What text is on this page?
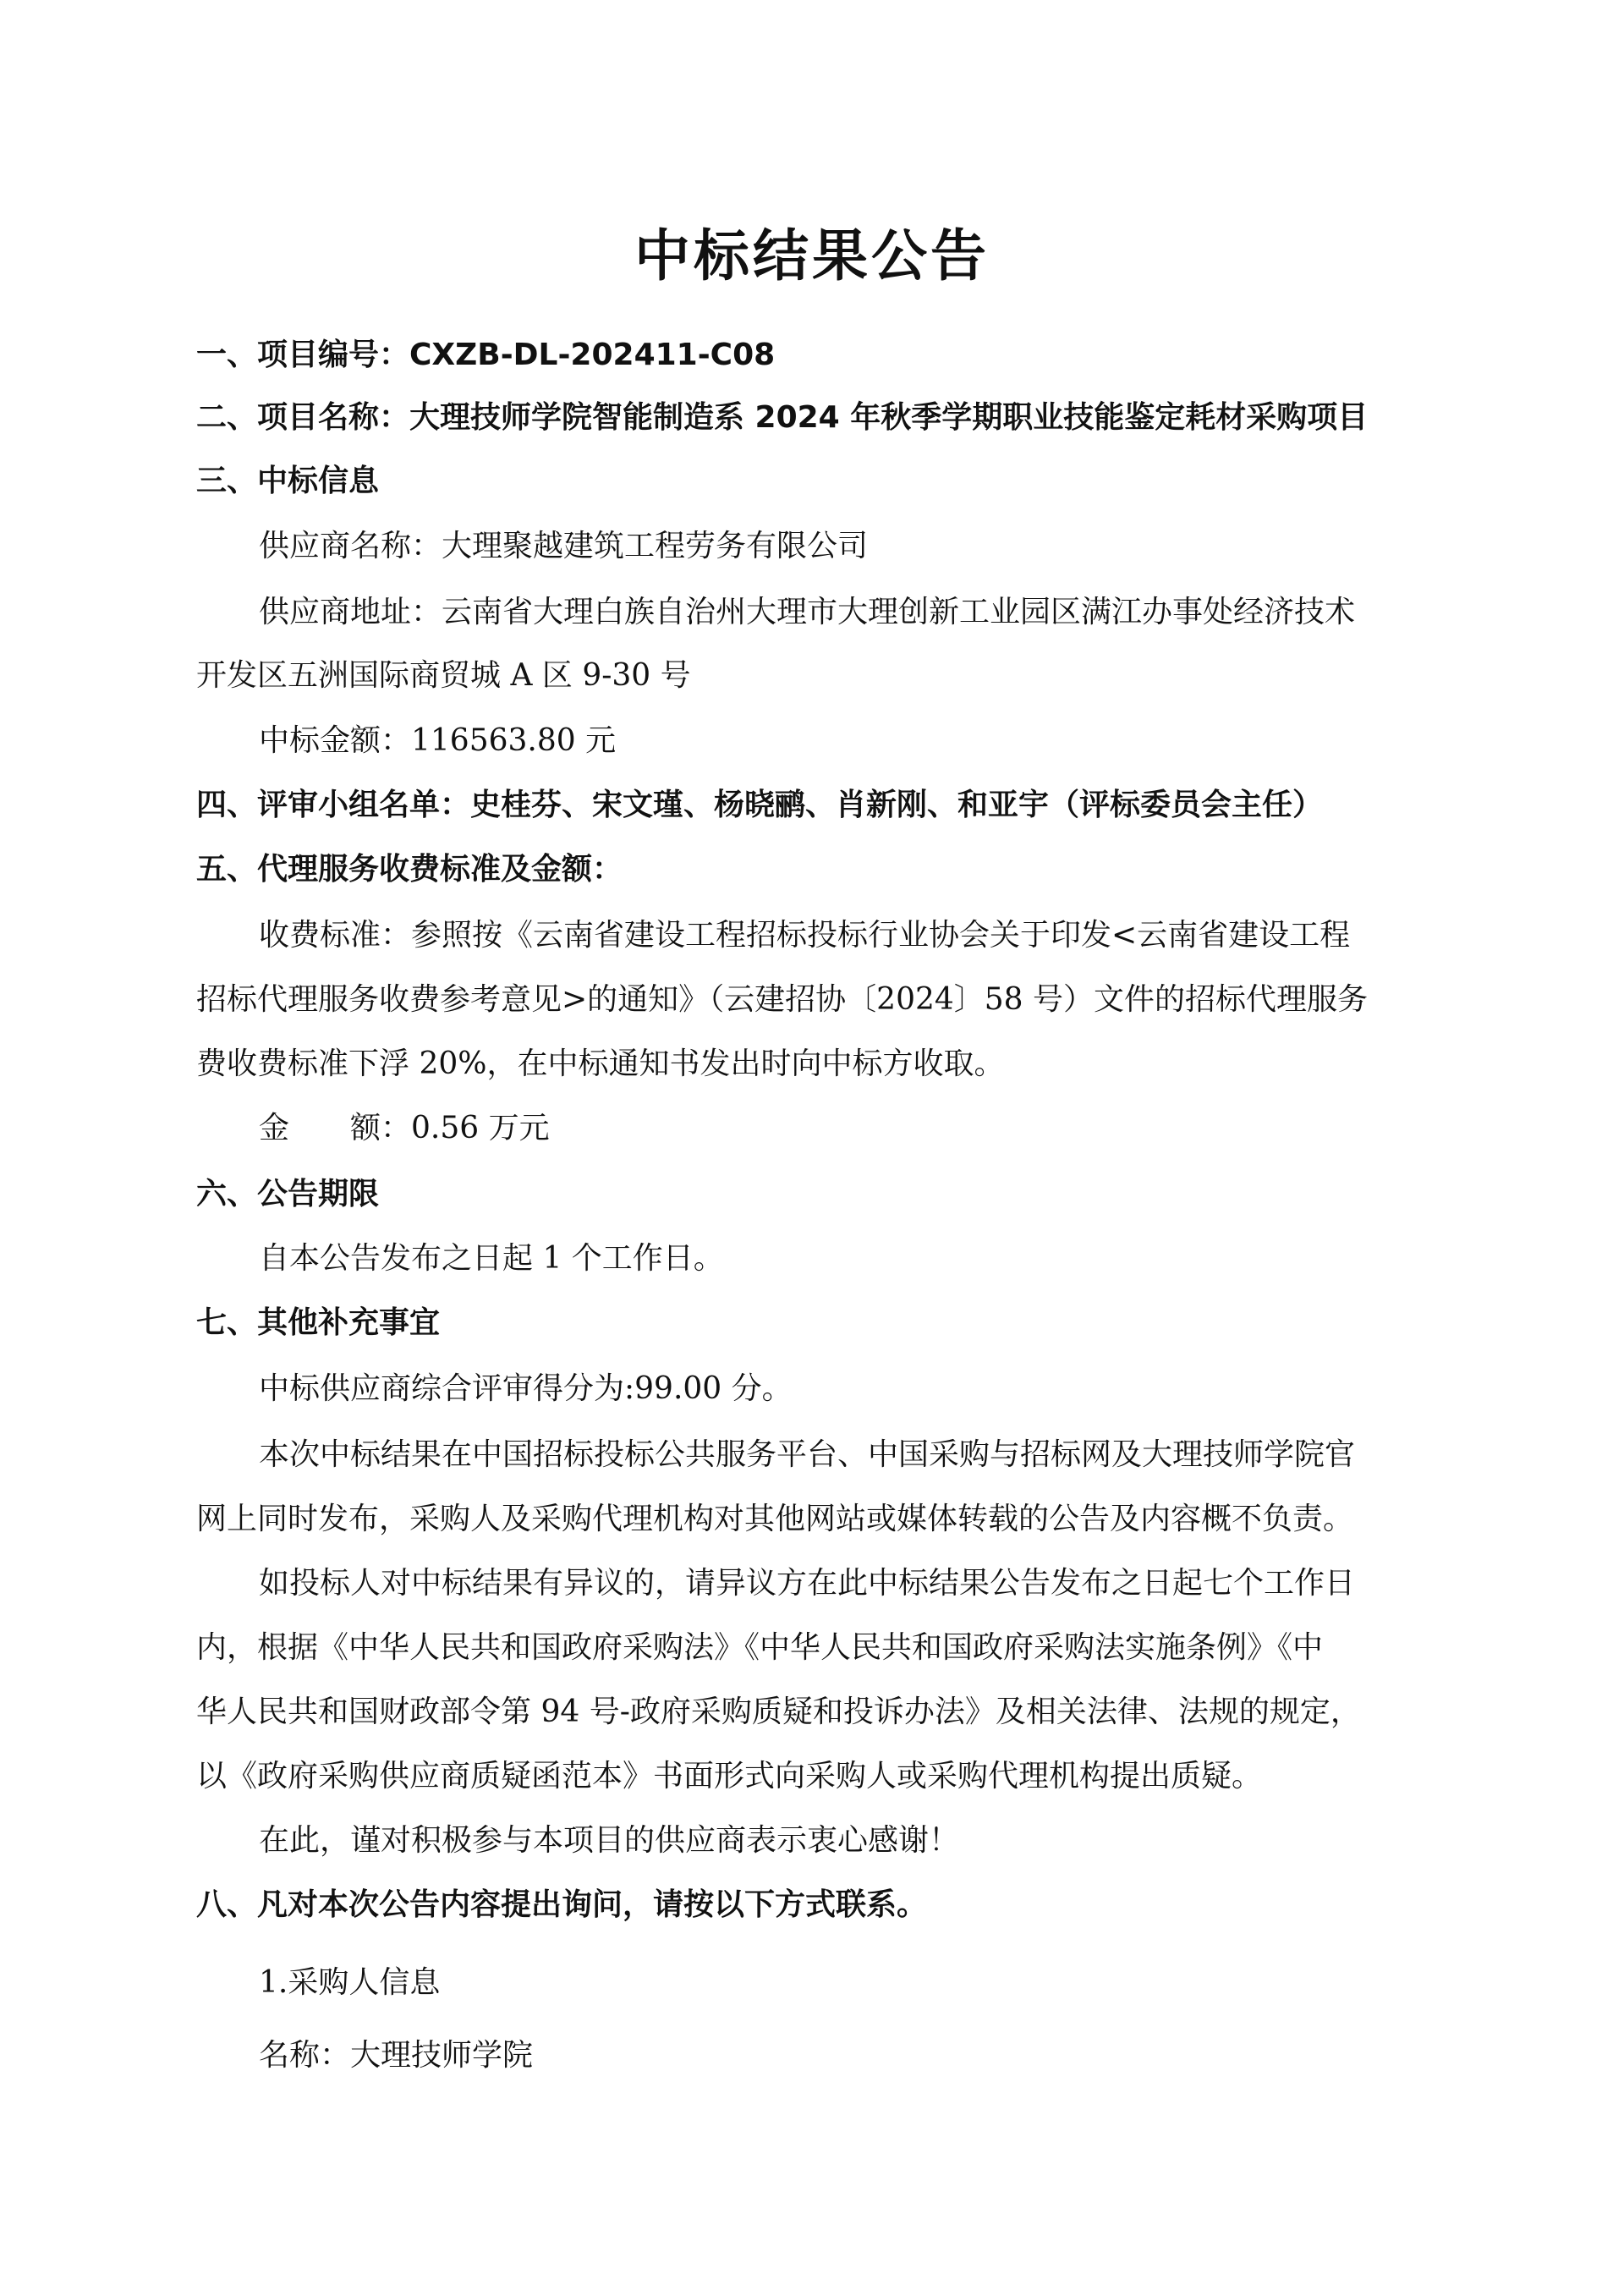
中标结果公告
一、项目编号：CXZB-DL-202411-C08
二、项目名称：大理技师学院智能制造系 2024 年秋季学期职业技能鉴定耗材采购项目
三、中标信息
供应商名称：大理聚越建筑工程劳务有限公司
供应商地址：云南省大理白族自治州大理市大理创新工业园区满江办事处经济技术
开发区五洲国际商贸城 A 区 9-30 号
中标金额：116563.80 元
四、评审小组名单：史桂芬、宋文瑾、杨晓鹂、肖新刚、和亚宇（评标委员会主任）
五、代理服务收费标准及金额：
收费标准：参照按《云南省建设工程招标投标行业协会关于印发<云南省建设工程
招标代理服务收费参考意见>的通知》（云建招协〔2024〕58 号）文件的招标代理服务
费收费标准下浮 20%，在中标通知书发出时向中标方收取。
金　　额：0.56 万元
六、公告期限
自本公告发布之日起 1 个工作日。
七、其他补充事宜
中标供应商综合评审得分为:99.00 分。
本次中标结果在中国招标投标公共服务平台、中国采购与招标网及大理技师学院官
网上同时发布，采购人及采购代理机构对其他网站或媒体转载的公告及内容概不负责。
如投标人对中标结果有异议的，请异议方在此中标结果公告发布之日起七个工作日
内，根据《中华人民共和国政府采购法》《中华人民共和国政府采购法实施条例》《中
华人民共和国财政部令第 94 号-政府采购质疑和投诉办法》及相关法律、法规的规定，
以《政府采购供应商质疑函范本》书面形式向采购人或采购代理机构提出质疑。
在此，谨对积极参与本项目的供应商表示衷心感谢！
八、凡对本次公告内容提出询问，请按以下方式联系。
1.采购人信息
名称：大理技师学院
